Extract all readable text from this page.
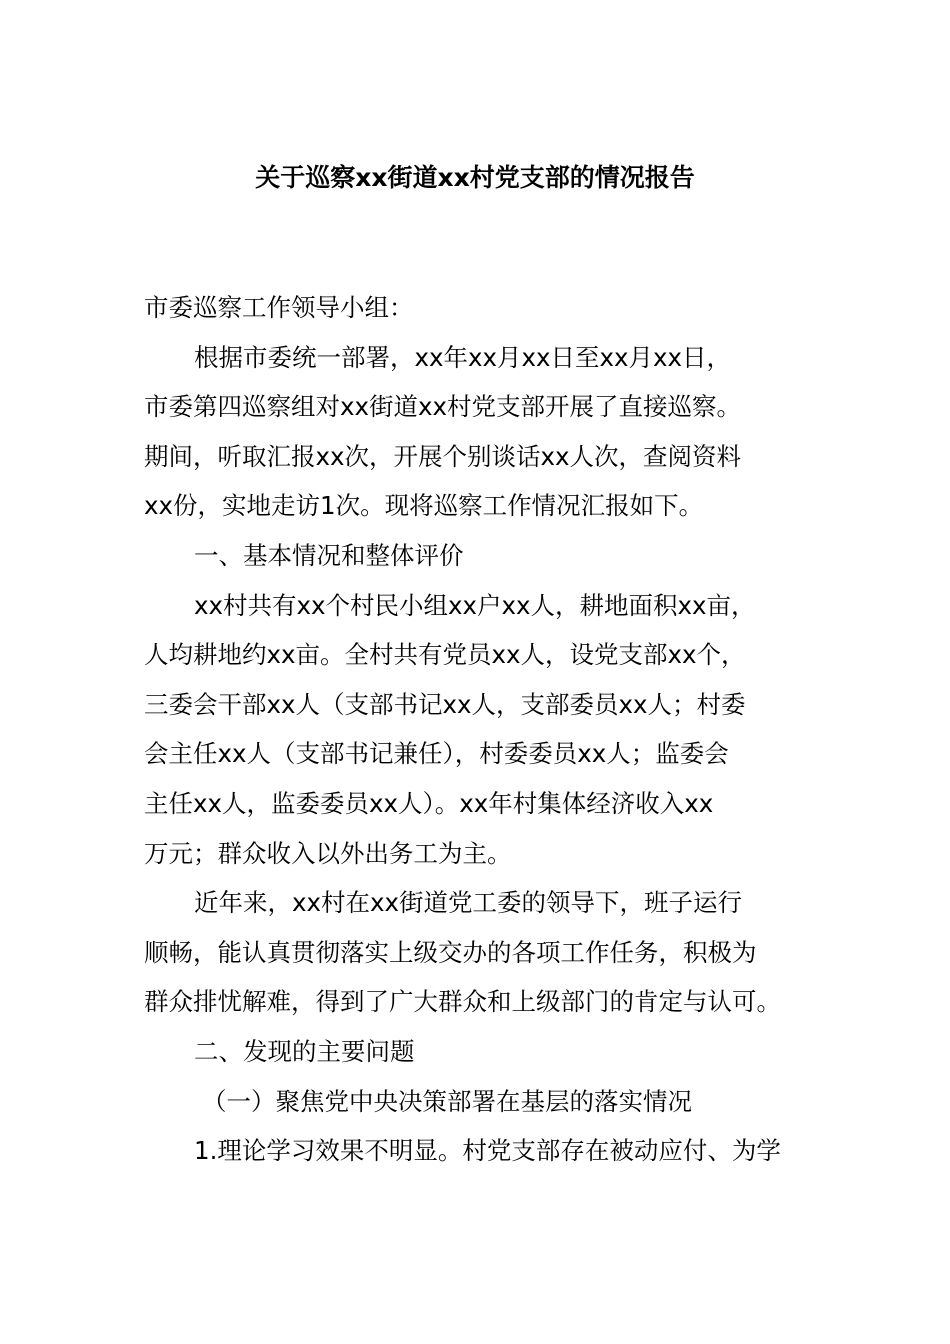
关于巡察xx街道xx村党支部的情况报告
市委巡察工作领导小组：
根据市委统一部署，xx年xx月xx日至xx月xx日，
市委第四巡察组对xx街道xx村党支部开展了直接巡察。
期间，听取汇报xx次，开展个别谈话xx人次，查阅资料
xx份，实地走访1次。现将巡察工作情况汇报如下。
一、基本情况和整体评价
xx村共有xx个村民小组xx户xx人，耕地面积xx亩，
人均耕地约xx亩。全村共有党员xx人，设党支部xx个，
三委会干部xx人（支部书记xx人，支部委员xx人；村委
会主任xx人（支部书记兼任），村委委员xx人；监委会
主任xx人，监委委员xx人）。xx年村集体经济收入xx
万元；群众收入以外出务工为主。
近年来，xx村在xx街道党工委的领导下，班子运行
顺畅，能认真贯彻落实上级交办的各项工作任务，积极为
群众排忧解难，得到了广大群众和上级部门的肯定与认可。
二、发现的主要问题
（一）聚焦党中央决策部署在基层的落实情况
1.理论学习效果不明显。村党支部存在被动应付、为学
